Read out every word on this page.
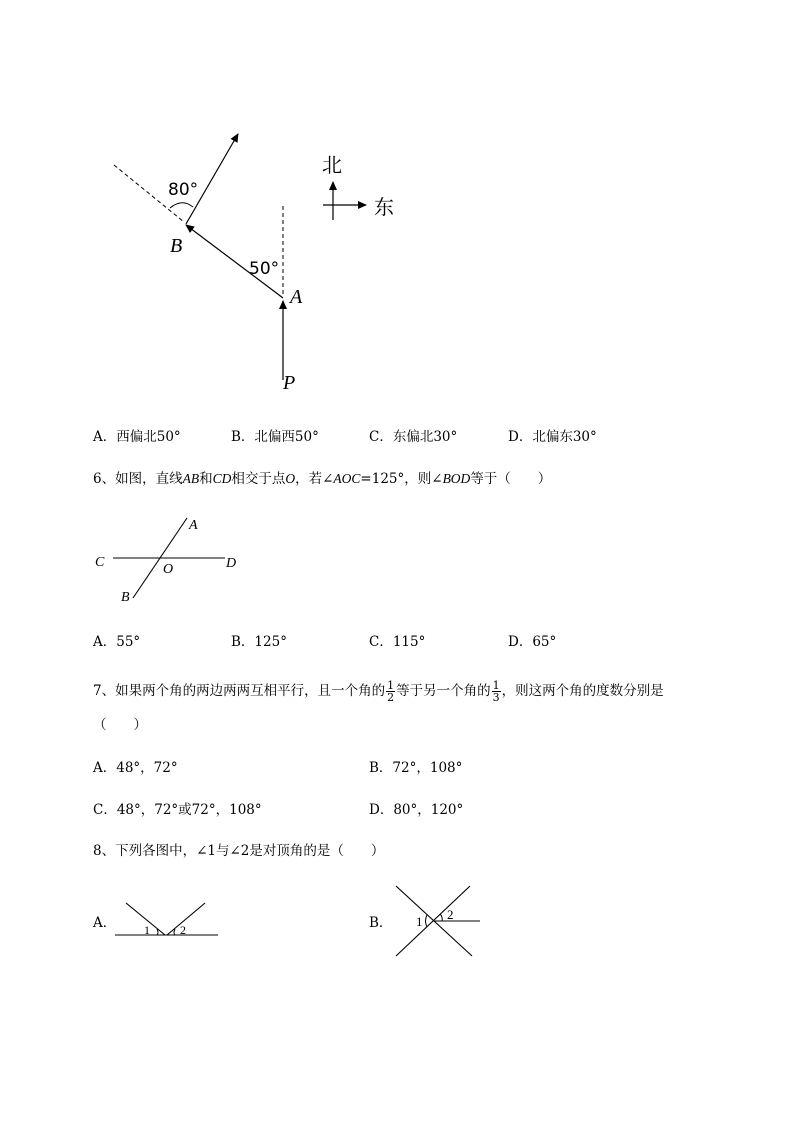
80°
50°
B
A
P
北
东
A．西偏北50°	B．北偏西50°	C．东偏北30°	D．北偏东30°
6、如图，直线AB和CD相交于点O，若∠AOC=125°，则∠BOD等于（　　）
A
C	O	D
B
A．55°	B．125°	C．115°	D．65°
7、如果两个角的两边两两互相平行，且一个角的 $\frac{1}{2}$ 等于另一个角的 $\frac{1}{3}$ ，则这两个角的度数分别是
（　　）
A．48°，72°	B．72°，108°
C．48°，72°或72°，108°	D．80°，120°
8、下列各图中，∠1与∠2是对顶角的是（　　）
A． 1	2	B． 1 2
